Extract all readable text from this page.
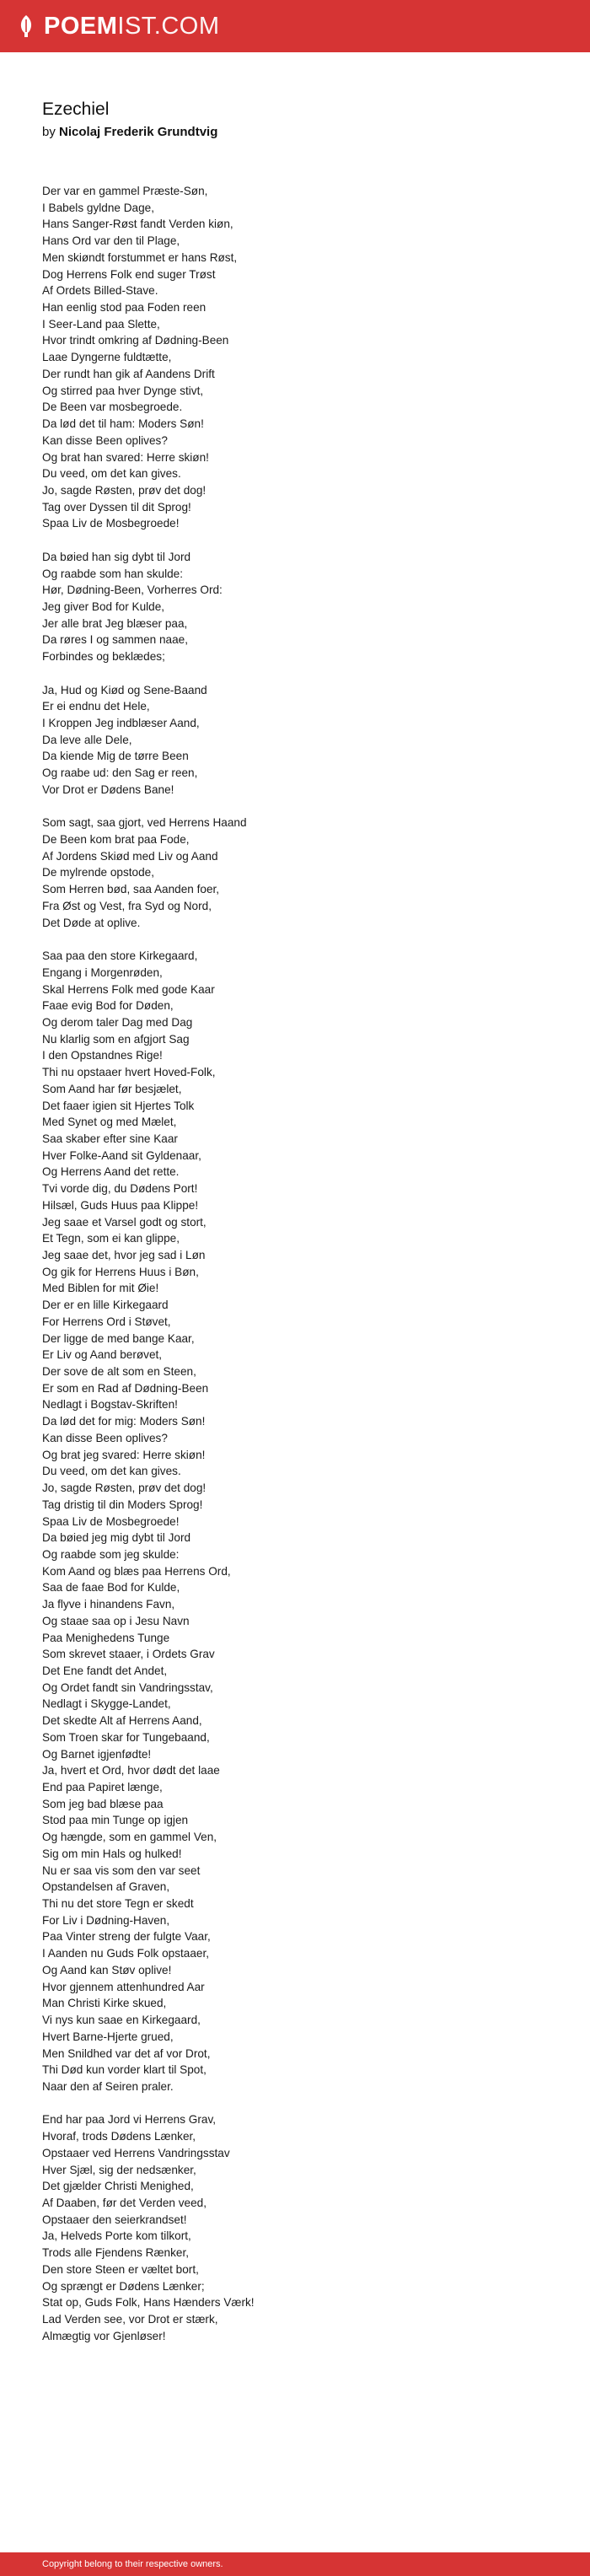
POEM IST.COM
Ezechiel

by Nicolaj Frederik Grundtvig

Der var en gammel Præste-Søn,
I Babels gyldne Dage,
Hans Sanger-Røst fandt Verden kiøn,
Hans Ord var den til Plage,
Men skiøndt forstummet er hans Røst,
Dog Herrens Folk end suger Trøst
Af Ordets Billed-Stave.
Han eenlig stod paa Foden reen
I Seer-Land paa Slette,
Hvor trindt omkring af Dødning-Been
Laae Dyngerne fuldtætte,
Der rundt han gik af Aandens Drift
Og stirred paa hver Dynge stivt,
De Been var mosbegroede.
Da lød det til ham: Moders Søn!
Kan disse Been oplives?
Og brat han svared: Herre skiøn!
Du veed, om det kan gives.
Jo, sagde Røsten, prøv det dog!
Tag over Dyssen til dit Sprog!
Spaa Liv de Mosbegroede!
Da bøied han sig dybt til Jord
Og raabde som han skulde:
Hør, Dødning-Been, Vorherres Ord:
Jeg giver Bod for Kulde,
Jer alle brat Jeg blæser paa,
Da røres I og sammen naae,
Forbindes og beklædes;
Ja, Hud og Kiød og Sene-Baand
Er ei endnu det Hele,
I Kroppen Jeg indblæser Aand,
Da leve alle Dele,
Da kiende Mig de tørre Been
Og raabe ud: den Sag er reen,
Vor Drot er Dødens Bane!
Som sagt, saa gjort, ved Herrens Haand
De Been kom brat paa Fode,
Af Jordens Skiød med Liv og Aand
De mylrende opstode,
Som Herren bød, saa Aanden foer,
Fra Øst og Vest, fra Syd og Nord,
Det Døde at oplive.
Saa paa den store Kirkegaard,
Engang i Morgenrøden,
Skal Herrens Folk med gode Kaar
Faae evig Bod for Døden,
Og derom taler Dag med Dag
Nu klarlig som en afgjort Sag
I den Opstandnes Rige!
Thi nu opstaaer hvert Hoved-Folk,
Som Aand har før besjælet,
Det faaer igien sit Hjertes Tolk
Med Synet og med Mælet,
Saa skaber efter sine Kaar
Hver Folke-Aand sit Gyldenaar,
Og Herrens Aand det rette.
Tvi vorde dig, du Dødens Port!
Hilsæl, Guds Huus paa Klippe!
Jeg saae et Varsel godt og stort,
Et Tegn, som ei kan glippe,
Jeg saae det, hvor jeg sad i Løn
Og gik for Herrens Huus i Bøn,
Med Biblen for mit Øie!
Der er en lille Kirkegaard
For Herrens Ord i Støvet,
Der ligge de med bange Kaar,
Er Liv og Aand berøvet,
Der sove de alt som en Steen,
Er som en Rad af Dødning-Been
Nedlagt i Bogstav-Skriften!
Da lød det for mig: Moders Søn!
Kan disse Been oplives?
Og brat jeg svared: Herre skiøn!
Du veed, om det kan gives.
Jo, sagde Røsten, prøv det dog!
Tag dristig til din Moders Sprog!
Spaa Liv de Mosbegroede!
Da bøied jeg mig dybt til Jord
Og raabde som jeg skulde:
Kom Aand og blæs paa Herrens Ord,
Saa de faae Bod for Kulde,
Ja flyve i hinandens Favn,
Og staae saa op i Jesu Navn
Paa Menighedens Tunge
Som skrevet staaer, i Ordets Grav
Det Ene fandt det Andet,
Og Ordet fandt sin Vandringsstav,
Nedlagt i Skygge-Landet,
Det skedte Alt af Herrens Aand,
Som Troen skar for Tungebaand,
Og Barnet igjenfødte!
Ja, hvert et Ord, hvor dødt det laae
End paa Papiret længe,
Som jeg bad blæse paa
Stod paa min Tunge op igjen
Og hængde, som en gammel Ven,
Sig om min Hals og hulked!
Nu er saa vis som den var seet
Opstandelsen af Graven,
Thi nu det store Tegn er skedt
For Liv i Dødning-Haven,
Paa Vinter streng der fulgte Vaar,
I Aanden nu Guds Folk opstaaer,
Og Aand kan Støv oplive!
Hvor gjennem attenhundred Aar
Man Christi Kirke skued,
Vi nys kun saae en Kirkegaard,
Hvert Barne-Hjerte grued,
Men Snildhed var det af vor Drot,
Thi Død kun vorder klart til Spot,
Naar den af Seiren praler.
End har paa Jord vi Herrens Grav,
Hvoraf, trods Dødens Lænker,
Opstaaer ved Herrens Vandringsstav
Hver Sjæl, sig der nedsænker,
Det gjælder Christi Menighed,
Af Daaben, før det Verden veed,
Opstaaer den seierkrandset!
Ja, Helveds Porte kom tilkort,
Trods alle Fjendens Rænker,
Den store Steen er væltet bort,
Og sprængt er Dødens Lænker;
Stat op, Guds Folk, Hans Hænders Værk!
Lad Verden see, vor Drot er stærk,
Almægtig vor Gjenløser!
Copyright belong to their respective owners.
